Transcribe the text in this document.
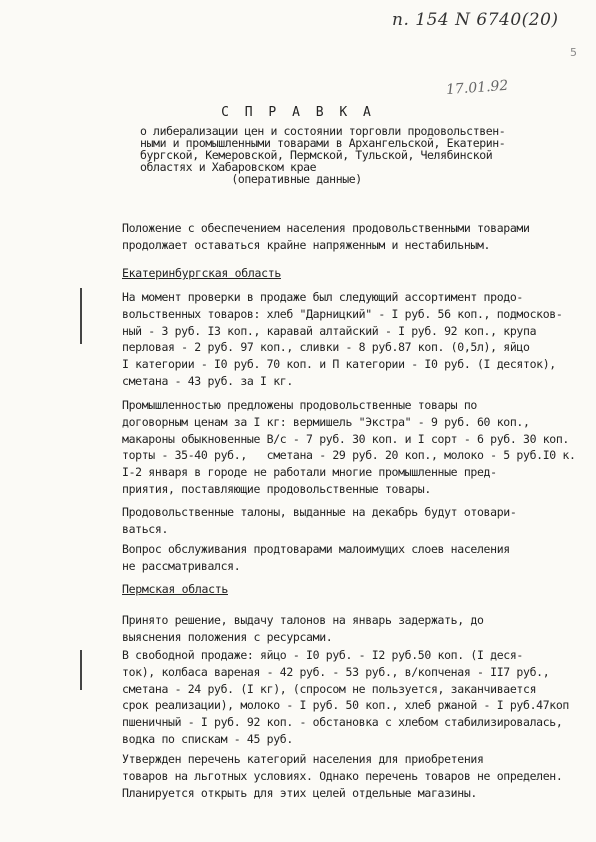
п. 154 N 6740(20)
5
17.01.92
С П Р А В К А
о либерализации цен и состоянии торговли продовольствен-
ными и промышленными товарами в Архангельской, Екатерин-
бургской, Кемеровской, Пермской, Тульской, Челябинской
областях и Хабаровском крае
(оперативные данные)
Положение с обеспечением населения продовольственными товарами
продолжает оставаться крайне напряженным и нестабильным.
Екатеринбургская область
На момент проверки в продаже был следующий ассортимент продо-
вольственных товаров: хлеб "Дарницкий" - I руб. 56 коп., подмосков-
ный - 3 руб. I3 коп., каравай алтайский - I руб. 92 коп., крупа
перловая - 2 руб. 97 коп., сливки - 8 руб.87 коп. (0,5л), яйцо
I категории - I0 руб. 70 коп. и П категории - I0 руб. (I десяток),
сметана - 43 руб. за I кг.
Промышленностью предложены продовольственные товары по
договорным ценам за I кг: вермишель "Экстра" - 9 руб. 60 коп.,
макароны обыкновенные В/с - 7 руб. 30 коп. и I сорт - 6 руб. 30 коп.
торты - 35-40 руб.,   сметана - 29 руб. 20 коп., молоко - 5 руб.I0 к.
I-2 января в городе не работали многие промышленные пред-
приятия, поставляющие продовольственные товары.
Продовольственные талоны, выданные на декабрь будут отовари-
ваться.
Вопрос обслуживания продтоварами малоимущих слоев населения
не рассматривался.
Пермская область
Принято решение, выдачу талонов на январь задержать, до
выяснения положения с ресурсами.
В свободной продаже: яйцо - I0 руб. - I2 руб.50 коп. (I деся-
ток), колбаса вареная - 42 руб. - 53 руб., в/копченая - II7 руб.,
сметана - 24 руб. (I кг), (спросом не пользуется, заканчивается
срок реализации), молоко - I руб. 50 коп., хлеб ржаной - I руб.47коп
пшеничный - I руб. 92 коп. - обстановка с хлебом стабилизировалась,
водка по спискам - 45 руб.
Утвержден перечень категорий населения для приобретения
товаров на льготных условиях. Однако перечень товаров не определен.
Планируется открыть для этих целей отдельные магазины.
